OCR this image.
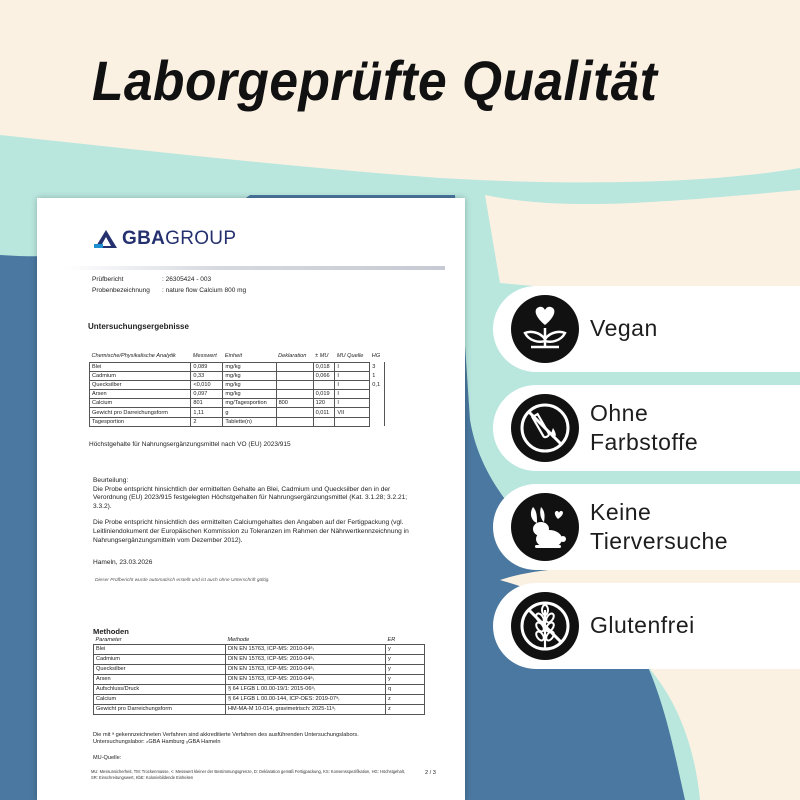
Laborgeprüfte Qualität
GBAGROUP
Prüfbericht	: 26305424 - 003
Probenbezeichnung	: nature flow Calcium 800 mg
Untersuchungsergebnisse
Chemische/Physikalische Analytik	Messwert	Einheit	Deklaration	± MU	MU Quelle	HG
Blei	0,089	mg/kg		0,018	I	3
Cadmium	0,33	mg/kg		0,066	I	1
Quecksilber	<0,010	mg/kg			I	0,1
Arsen	0,097	mg/kg		0,019	I	
Calcium	801	mg/Tagesportion	800	120	I	
Gewicht pro Darreichungsform	1,11	g		0,011	VII	
Tagesportion	2	Tablette(n)				
Höchstgehalte für Nahrungsergänzungsmittel nach VO (EU) 2023/915
Beurteilung:

Die Probe entspricht hinsichtlich der ermittelten Gehalte an Blei, Cadmium und Quecksilber den in der Verordnung (EU) 2023/915 festgelegten Höchstgehalten für Nahrungsergänzungsmittel (Kat. 3.1.28; 3.2.21; 3.3.2).

Die Probe entspricht hinsichtlich des ermittelten Calciumgehaltes den Angaben auf der Fertigpackung (vgl. Leitliniendokument der Europäischen Kommission zu Toleranzen im Rahmen der Nährwertkennzeichnung in Nahrungsergänzungsmitteln vom Dezember 2012).

Hameln, 23.03.2026
Dieser Prüfbericht wurde automatisch erstellt und ist auch ohne Unterschrift gültig.
Methoden
Parameter	Methode	ER
Blei	DIN EN 15763, ICP-MS: 2010-04ᵃ₎	y
Cadmium	DIN EN 15763, ICP-MS: 2010-04ᵃ₎	y
Quecksilber	DIN EN 15763, ICP-MS: 2010-04ᵃ₎	y
Arsen	DIN EN 15763, ICP-MS: 2010-04ᵃ₎	y
Aufschluss/Druck	§ 64 LFGB L 00.00-19/1: 2015-06ᵃ₎	q
Calcium	§ 64 LFGB L 00.00-144, ICP-OES: 2019-07ᵃ₎	z
Gewicht pro Darreichungsform	HM-MA-M 10-014, gravimetrisch: 2025-11ᵃ₎	z
Die mit ᵃ gekennzeichneten Verfahren sind akkreditierte Verfahren des ausführenden Untersuchungslabors.
Untersuchungslabor: ₙGBA Hamburg ₒGBA Hameln
MU-Quelle:
MU: Messunsicherheit, TM: Trockenmasse, <: Messwert kleiner der Bestimmungsgrenze, D: Deklaration gemäß Fertigpackung, KS: Konsensspezifikation, HG: Höchstgehalt,
SR: Einschreitungswert, KbE: Koloniebildende Einheiten
2 / 3
Vegan
Ohne
Farbstoffe
Keine
Tierversuche
Glutenfrei
